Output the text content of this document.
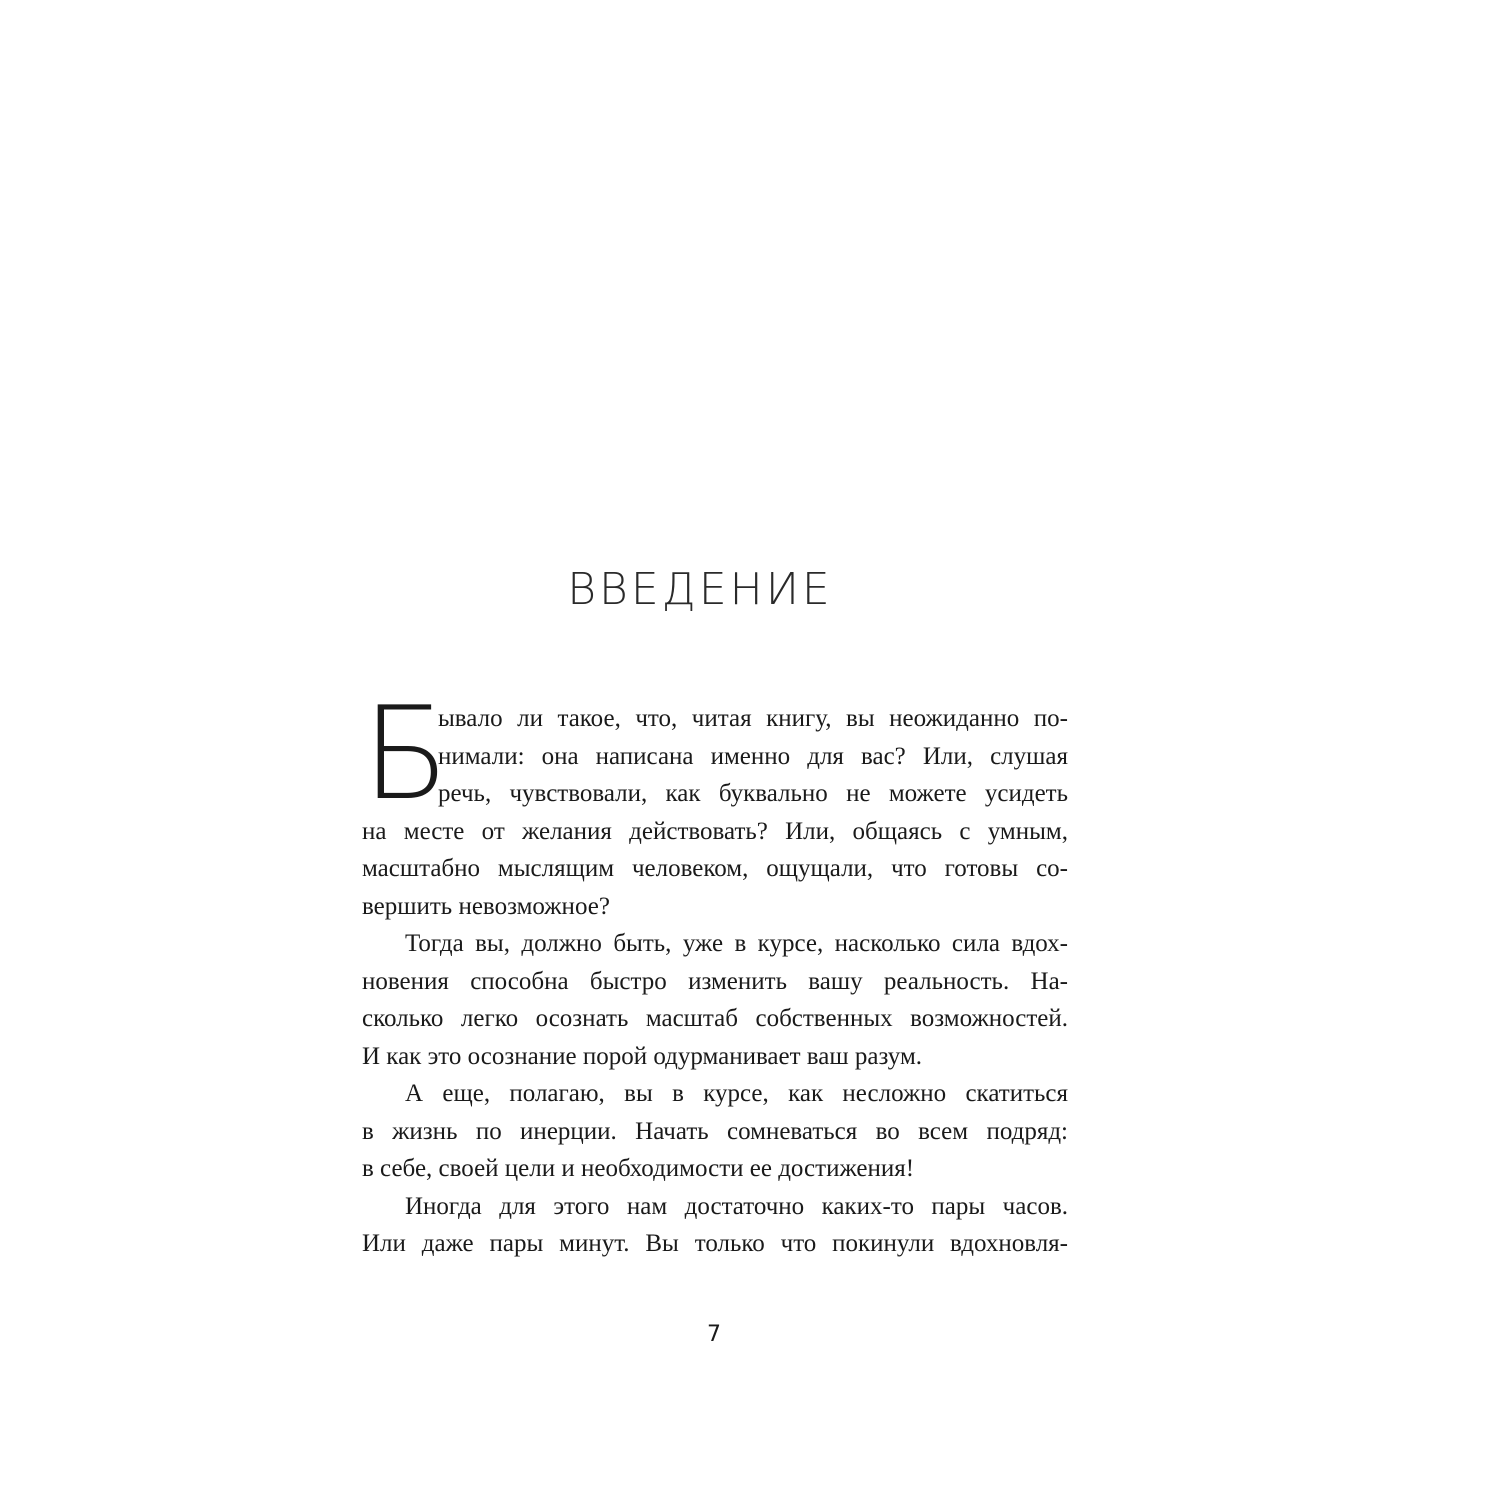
ВВЕДЕНИЕ
Б
ывало ли такое, что, читая книгу, вы неожиданно по-
нимали: она написана именно для вас? Или, слушая
речь, чувствовали, как буквально не можете усидеть
на месте от желания действовать? Или, общаясь с умным,
масштабно мыслящим человеком, ощущали, что готовы со-
вершить невозможное?
Тогда вы, должно быть, уже в курсе, насколько сила вдох-
новения способна быстро изменить вашу реальность. На-
сколько легко осознать масштаб собственных возможностей.
И как это осознание порой одурманивает ваш разум.
А еще, полагаю, вы в курсе, как несложно скатиться
в жизнь по инерции. Начать сомневаться во всем подряд:
в себе, своей цели и необходимости ее достижения!
Иногда для этого нам достаточно каких-то пары часов.
Или даже пары минут. Вы только что покинули вдохновля-
7
